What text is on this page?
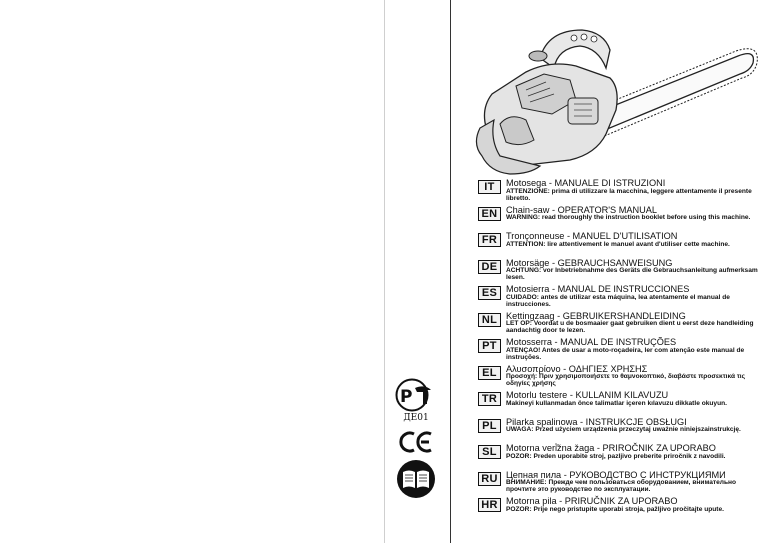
P
ДЕ01
IT	Motosega - MANUALE DI ISTRUZIONI
ATTENZIONE: prima di utilizzare la macchina, leggere attentamente il presente libretto.
EN Chain-saw - OPERATOR'S MANUAL
WARNING: read thoroughly the instruction booklet before using this machine.
FR Tronçonneuse - MANUEL D'UTILISATION
ATTENTION: lire attentivement le manuel avant d'utiliser cette machine.
DE Motorsäge - GEBRAUCHSANWEISUNG
ACHTUNG: vor Inbetriebnahme des Geräts die Gebrauchsanleitung aufmerksam lesen.
ES Motosierra - MANUAL DE INSTRUCCIONES
CUIDADO: antes de utilizar esta máquina, lea atentamente el manual de instrucciones.
NL Kettingzaag - GEBRUIKERSHANDLEIDING
LET OP: Voordat u de bosmaaier gaat gebruiken dient u eerst deze handleiding aandachtig door te lezen.
PT Motosserra - MANUAL DE INSTRUÇÕES
ATENÇAO! Antes de usar a moto-roçadeira, ler com atenção este manual de instruções.
EL Αλυσοπρίονο - ΟΔΗΓΙΕΣ ΧΡΗΣΗΣ
Προσοχή: Πριν χρησιμοποιήσετε το θαμνοκοπτικό, διαβάστε προσεκτικά τις οδηγίες χρήσης
TR Motorlu testere - KULLANIM KILAVUZU
Makineyi kullanmadan önce talimatlar içeren kılavuzu dikkatle okuyun.
PL Pilarka spalinowa - INSTRUKCJE OBSŁUGI
UWAGA: Przed użyciem urządzenia przeczytaj uważnie niniejszainstrukcję.
SL Motorna veri̇̌žna žaga - PRIROČNIK ZA UPORABO
POZOR: Preden uporabite stroj, pazljivo preberite priročnik z navodili.
RU Цепная пила - РУКОВОДСТВО С ИНСТРУКЦИЯМИ
ВНИМАНИЕ: Прежде чем пользоваться оборудованием, внимательно прочтите это руководство по эксплуатации.
HR Motorna pila - PRIRUČNIK ZA UPORABO
POZOR: Prije nego pristupite uporabi stroja, pažljivo pročitajte upute.
